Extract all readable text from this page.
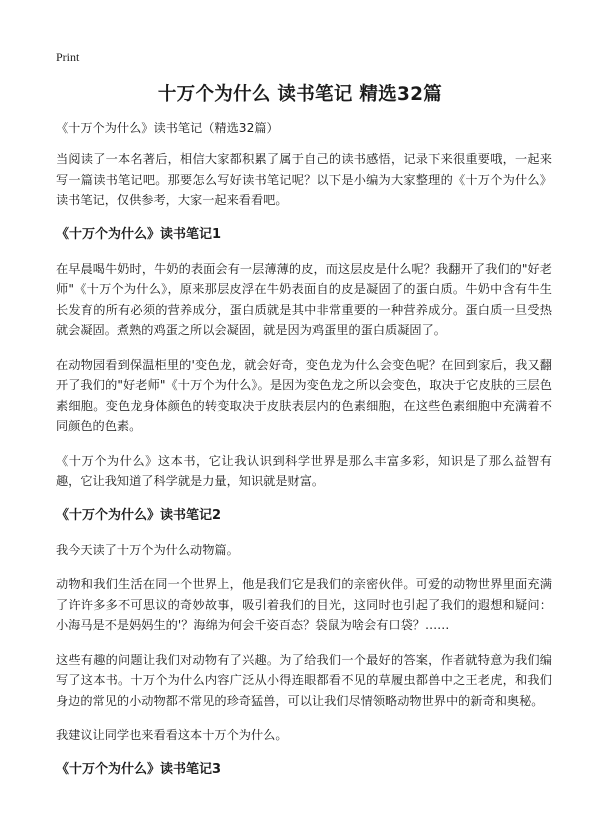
Print
十万个为什么 读书笔记 精选32篇
《十万个为什么》读书笔记（精选32篇）

当阅读了一本名著后，相信大家都积累了属于自己的读书感悟，记录下来很重要哦，一起来写一篇读书笔记吧。那要怎么写好读书笔记呢？以下是小编为大家整理的《十万个为什么》读书笔记，仅供参考，大家一起来看看吧。

《十万个为什么》读书笔记1

在早晨喝牛奶时，牛奶的表面会有一层薄薄的皮，而这层皮是什么呢？我翻开了我们的"好老师"《十万个为什么》，原来那层皮浮在牛奶表面自的皮是凝固了的蛋白质。牛奶中含有牛生长发育的所有必须的营养成分，蛋白质就是其中非常重要的一种营养成分。蛋白质一旦受热就会凝固。煮熟的鸡蛋之所以会凝固，就是因为鸡蛋里的蛋白质凝固了。

在动物园看到保温柜里的'变色龙，就会好奇，变色龙为什么会变色呢？在回到家后，我又翻开了我们的"好老师"《十万个为什么》。是因为变色龙之所以会变色，取决于它皮肤的三层色素细胞。变色龙身体颜色的转变取决于皮肤表层内的色素细胞，在这些色素细胞中充满着不同颜色的色素。

《十万个为什么》这本书，它让我认识到科学世界是那么丰富多彩，知识是了那么益智有趣，它让我知道了科学就是力量，知识就是财富。

《十万个为什么》读书笔记2

我今天读了十万个为什么动物篇。

动物和我们生活在同一个世界上，他是我们它是我们的亲密伙伴。可爱的动物世界里面充满了许许多多不可思议的奇妙故事，吸引着我们的目光，这同时也引起了我们的遐想和疑问：小海马是不是妈妈生的'？海绵为何会千姿百态？袋鼠为啥会有口袋？……

这些有趣的问题让我们对动物有了兴趣。为了给我们一个最好的答案，作者就特意为我们编写了这本书。十万个为什么内容广泛从小得连眼都看不见的草履虫都兽中之王老虎，和我们身边的常见的小动物都不常见的珍奇猛兽，可以让我们尽情领略动物世界中的新奇和奥秘。

我建议让同学也来看看这本十万个为什么。

《十万个为什么》读书笔记3
